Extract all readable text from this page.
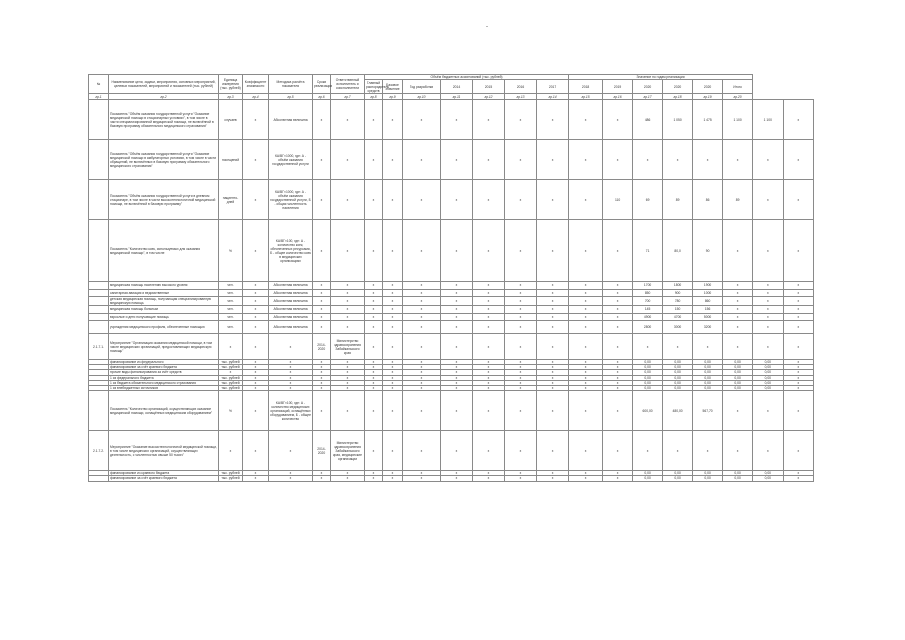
-
№	Наименование цели, задачи, мероприятия, основных мероприятий, целевых показателей, мероприятий и показателей (тыс. рублей)	Единица измерения (тыс. рублей)	Коэффициент значимости	Методика расчёта показателя	Сроки реализации	Ответственный исполнитель и соисполнители	Объём бюджетных ассигнований (тыс. рублей)							Значение по годам реализации							
							Главный распорядитель средств	Базовое значение	Год разработки	2014	2015	2016	2017	2018	2019	2020	2020	2020	Итого		
гр.1	гр.2	гр.3	гр.4	гр.5	гр.6	гр.7	гр.8	гр.9	гр.10	гр.11	гр.12	гр.13	гр.14	гр.15	гр.16	гр.17	гр.18	гр.19	гр.20		
	Показатель "Объём оказания государственной услуги "Оказание медицинской помощи в стационарных условиях", в том числе в части специализированной медицинской помощи, не включённой в базовую программу обязательного медицинского страхования"	случаев	х	Абсолютная величина	х	х	х	х	х	х	х	х	х	х	х	486	1 050	1 475	1 100	1 100	х
	Показатель "Объём оказания государственной услуги "Оказание медицинской помощи в амбулаторных условиях, в том числе в части обращений, не включённых в базовую программу обязательного медицинского страхования"	посещений	х	КА/ВГ×1000, где: А - объём оказания государственной услуги	х	х	х	х	х	х	х	х	х	х	х	х	х	х	х	х	х
	Показатель "Объём оказания государственной услуги в дневном стационаре, в том числе в части высокотехнологичной медицинской помощи, не включённой в базовую программу"	пациенто-дней	х	КА/ВГ×1000, где: А - объём оказания государственной услуги, Б - общая численность населения	х	х	х	х	х	х	х	х	х	х	110	69	89	86	89	х	х
	Показатель "Количество коек, используемых для оказания медицинской помощи", в том числе	%	х	КА/ВГ×100, где: А - количество коек, обеспеченных ресурсами, Б - общее количество коек в медицинских организациях	х	х	х	х	х	х	х	х	х	х	х	71	80,0	90	х	х	х
	медицинская помощь населению высокого уровня	чел.	х	Абсолютная величина	х	х	х	х	х	х	х	х	х	х	х	1700	1800	1900	х	х	х
	санитарная авиация и ведомственные	чел.	х	Абсолютная величина	х	х	х	х	х	х	х	х	х	х	х	850	900	1000	х	х	х
	детская медицинская помощь, получающая специализированную медицинскую помощь	чел.	х	Абсолютная величина	х	х	х	х	х	х	х	х	х	х	х	700	780	860	х	х	х
	медицинская помощь больным	чел.	х	Абсолютная величина	х	х	х	х	х	х	х	х	х	х	х	145	150	156	х	х	х
	взрослые и дети получающие помощь	чел.	х	Абсолютная величина	х	х	х	х	х	х	х	х	х	х	х	4900	4700	5000	х	х	х
	учреждения медицинского профиля, обеспеченные помощью	чел.	х	Абсолютная величина	х	х	х	х	х	х	х	х	х	х	х	2800	3000	3200	х	х	х
2.1.7.1.	Мероприятие "Организация оказания медицинской помощи, в том числе медицинских организаций, предоставляющих медицинскую помощь"	х	х	х	2014-2020	Министерство здравоохранения Забайкальского края	х	х	х	х	х	х	х	х	х	х	х	х	х	х	х
	финансирование из федерального	тыс. рублей	х	х	х	х	х	х	х	х	х	х	х	х	х	0,00	0,00	0,00	0,00	0,00	х
	финансирование за счёт краевого бюджета	тыс. рублей	х	х	х	х	х	х	х	х	х	х	х	х	х	0,00	0,00	0,00	0,00	0,00	х
	прочие виды финансирования за счёт средств	х	х	х	х	х	х	х	х	х	х	х	х	х	х	0,00	0,00	0,00	0,00	0,00	х
	1 из федерального бюджета	тыс. рублей	х	х	х	х	х	х	х	х	х	х	х	х	х	0,00	0,00	0,00	0,00	0,00	х
	1 из бюджета обязательного медицинского страхования	тыс. рублей	х	х	х	х	х	х	х	х	х	х	х	х	х	0,00	0,00	0,00	0,00	0,00	х
	1 из внебюджетных источников	тыс. рублей	х	х	х	х	х	х	х	х	х	х	х	х	х	0,00	0,00	0,00	0,00	0,00	х
	Показатель "Количество организаций, осуществляющих оказание медицинской помощи, оснащённых медицинским оборудованием"	%	х	КА/ВГ×100, где: А - количество медицинских организаций, оснащённых оборудованием, Б - общее количество	х	х	х	х	х	х	х	х	х	х	х	600,00	480,00	567,70	х	х	х
2.1.7.2.	Мероприятие "Оказание высокотехнологичной медицинской помощи, в том числе медицинских организаций, осуществляющих деятельность, с численностью свыше 50 тысяч"	х	х	х	2014-2020	Министерство здравоохранения Забайкальского края, медицинские организации	х	х	х	х	х	х	х	х	х	х	х	х	х	х	х
	финансирование из краевого бюджета	тыс. рублей	х	х	х	х	х	х	х	х	х	х	х	х	х	0,00	0,00	0,00	0,00	0,00	х
	финансирование за счёт краевого бюджета	тыс. рублей	х	х	х	х	х	х	х	х	х	х	х	х	х	0,00	0,00	0,00	0,00	0,00	х
